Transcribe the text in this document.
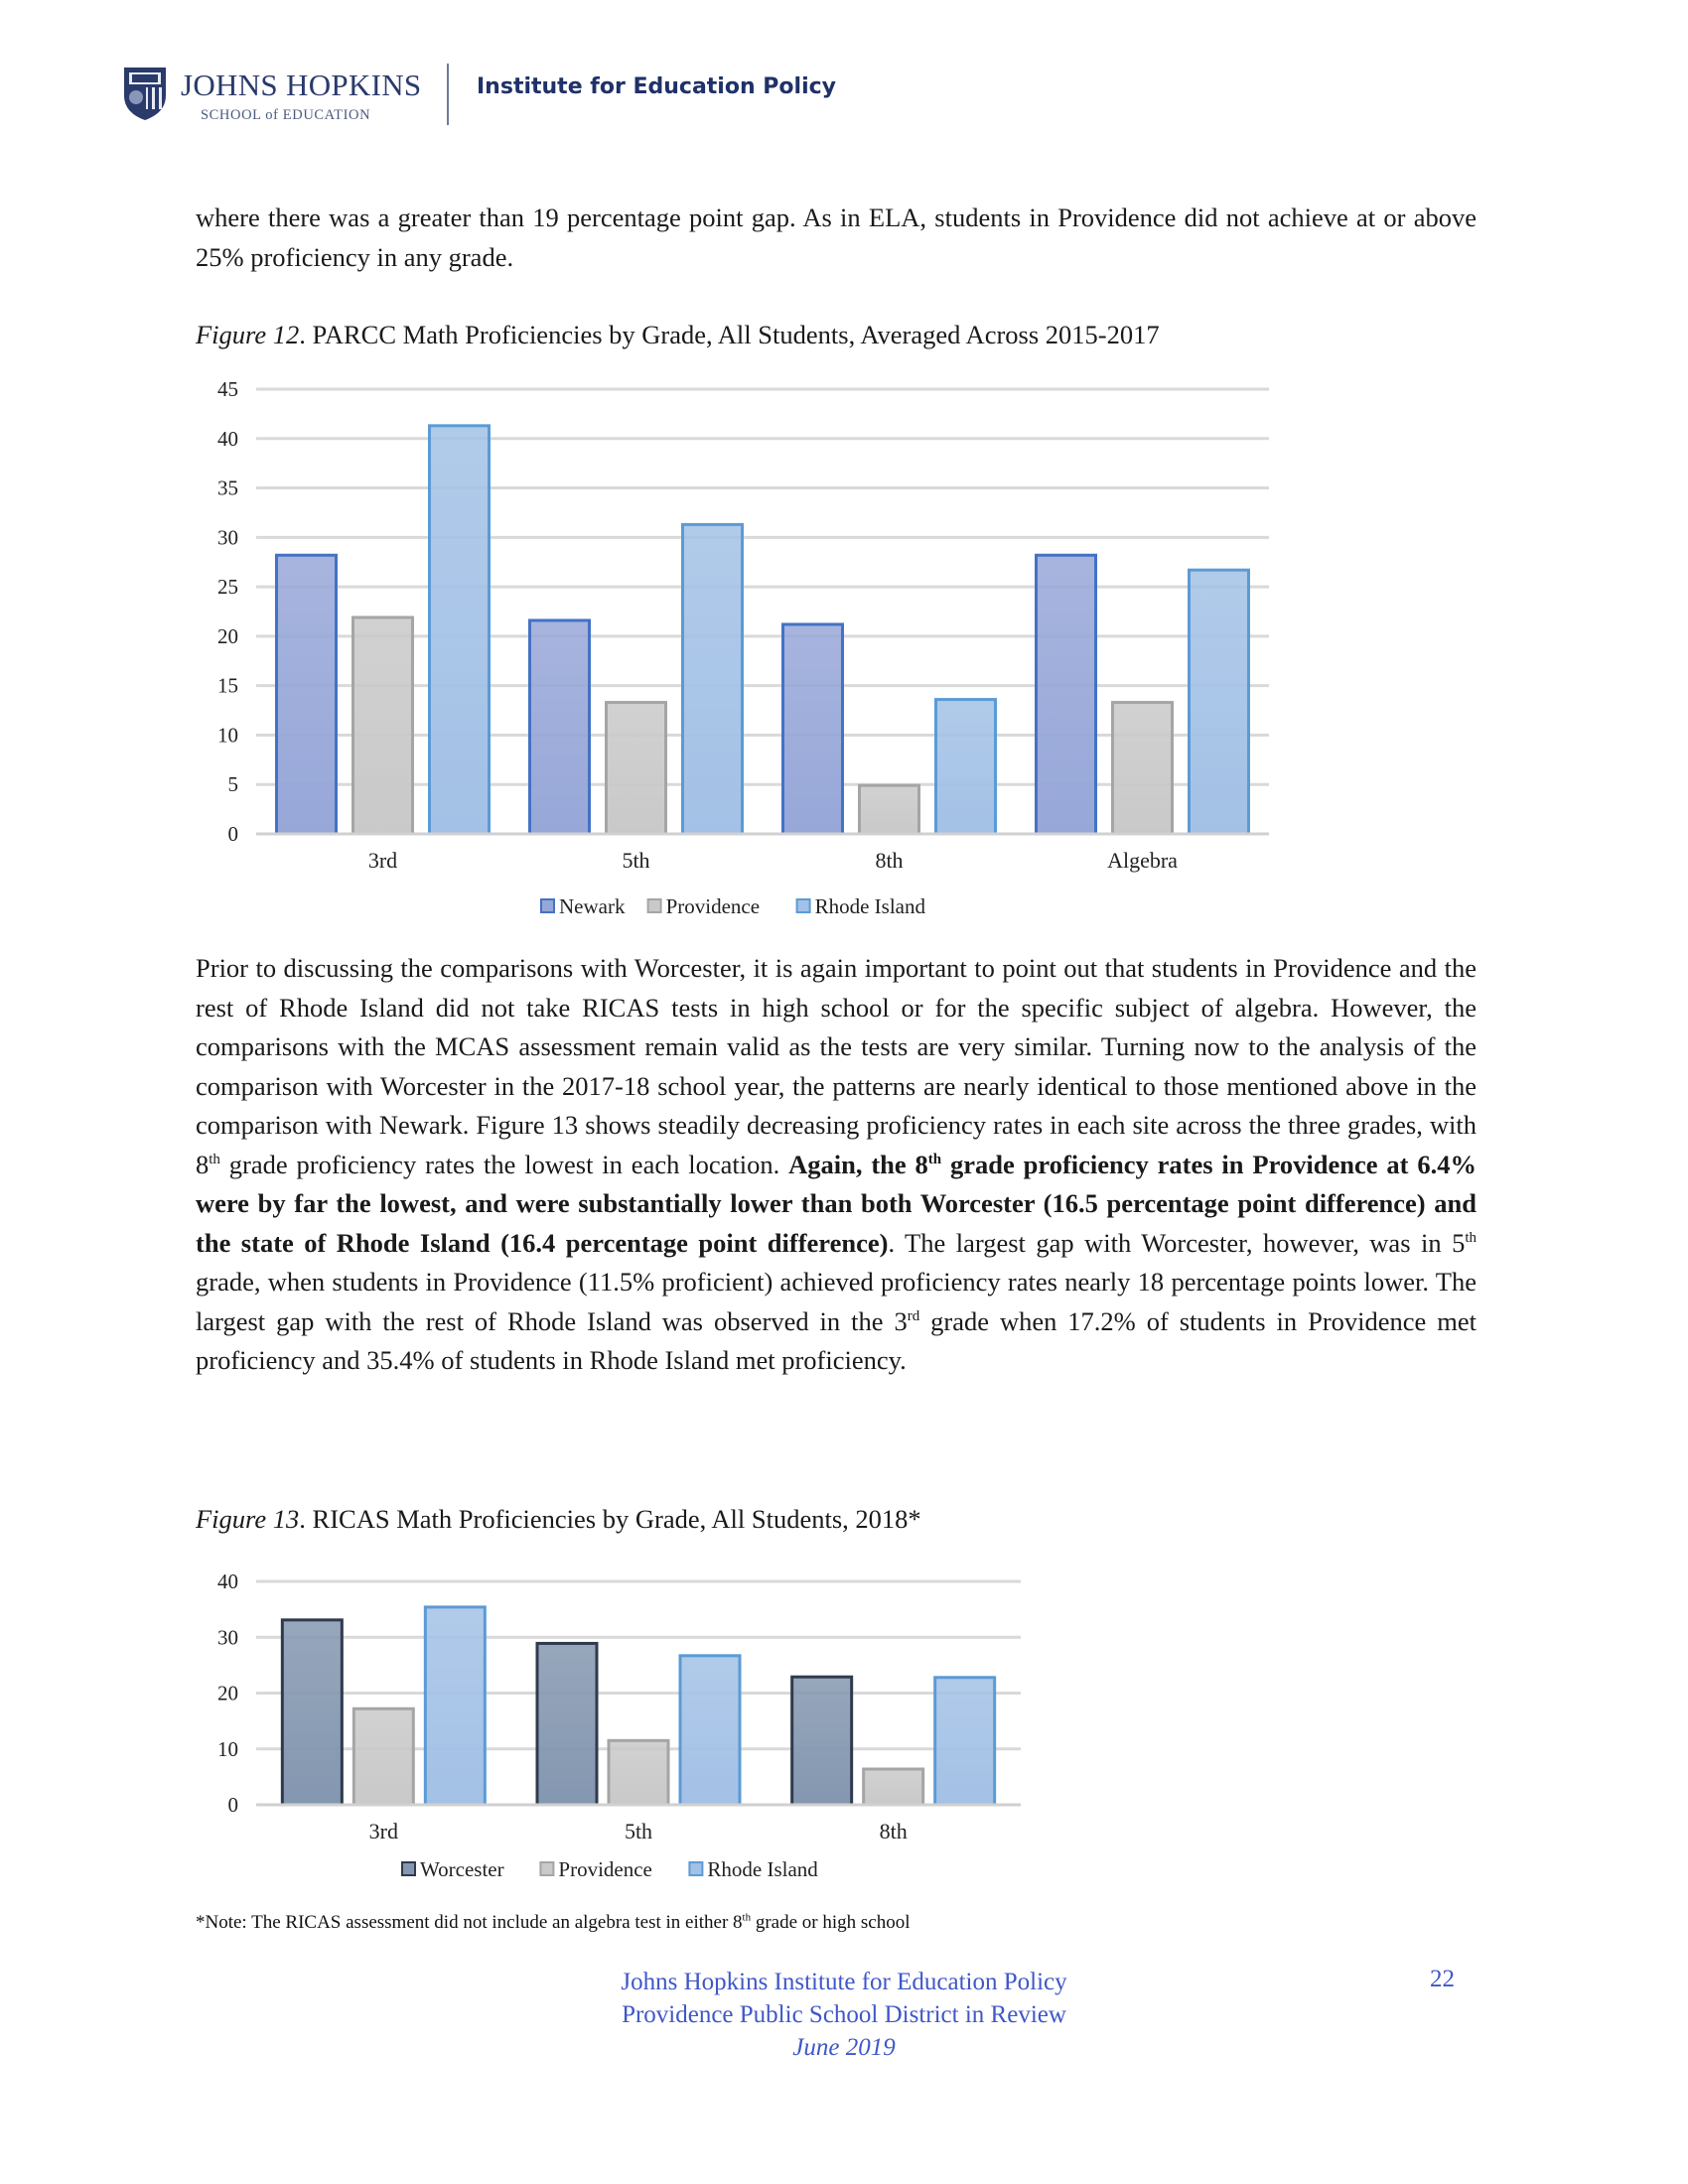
JOHNS HOPKINS
SCHOOL of EDUCATION
Institute for Education Policy
where there was a greater than 19 percentage point gap. As in ELA, students in Providence did not achieve at or above 25% proficiency in any grade.
Figure 12. PARCC Math Proficiencies by Grade, All Students, Averaged Across 2015-2017
0
5
10
15
20
25
30
35
40
45
3rd	5th	8th	Algebra
Newark Providence	Rhode Island
Prior to discussing the comparisons with Worcester, it is again important to point out that students in Providence and the rest of Rhode Island did not take RICAS tests in high school or for the specific subject of algebra. However, the comparisons with the MCAS assessment remain valid as the tests are very similar. Turning now to the analysis of the comparison with Worcester in the 2017-18 school year, the patterns are nearly identical to those mentioned above in the comparison with Newark. Figure 13 shows steadily decreasing proficiency rates in each site across the three grades, with 8th grade proficiency rates the lowest in each location. Again, the 8th grade proficiency rates in Providence at 6.4% were by far the lowest, and were substantially lower than both Worcester (16.5 percentage point difference) and the state of Rhode Island (16.4 percentage point difference). The largest gap with Worcester, however, was in 5th grade, when students in Providence (11.5% proficient) achieved proficiency rates nearly 18 percentage points lower. The largest gap with the rest of Rhode Island was observed in the 3rd grade when 17.2% of students in Providence met proficiency and 35.4% of students in Rhode Island met proficiency.
Figure 13. RICAS Math Proficiencies by Grade, All Students, 2018*
0
10
20
30
40
3rd	5th	8th
Worcester	Providence	Rhode Island
*Note: The RICAS assessment did not include an algebra test in either 8th grade or high school
Johns Hopkins Institute for Education Policy
Providence Public School District in Review
June 2019
22
